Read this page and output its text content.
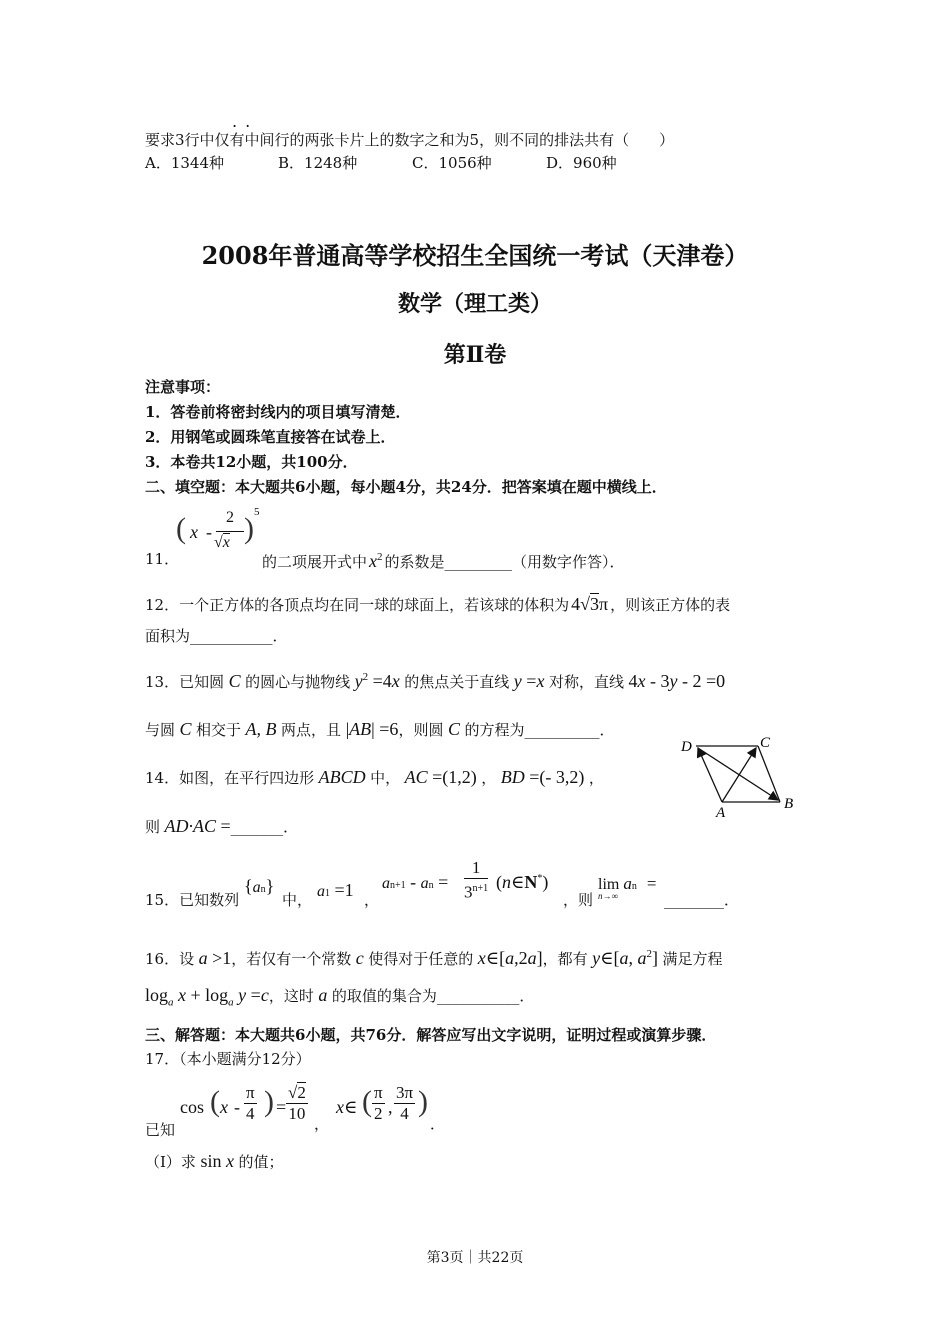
..
要求3行中仅有中间行的两张卡片上的数字之和为5，则不同的排法共有（　　）
A．1344种	B．1248种	C．1056种	D．960种
2008年普通高等学校招生全国统一考试（天津卷）
数学（理工类）
第Ⅱ卷
注意事项：
1．答卷前将密封线内的项目填写清楚．
2．用钢笔或圆珠笔直接答在试卷上．
3．本卷共12小题，共100分．
二、填空题：本大题共6小题，每小题4分，共24分．把答案填在题中横线上．
11．
( x -
2
√x ) 5
的二项展开式中 $x^2$ 的系数是_________（用数字作答）．
12．一个正方体的各顶点均在同一球的球面上，若该球的体积为 4√3π ，则该正方体的表
面积为___________．
13．已知圆 C 的圆心与抛物线 $y^2 =4x$ 的焦点关于直线 y =x 对称，直线 4x - 3y - 2 =0
与圆 C 相交于 A, B 两点，且 |AB| =6，则圆 C 的方程为__________．
14．如图，在平行四边形 ABCD 中， AC =(1,2) ， BD =(- 3,2) ，
则 AD·AC =_______．
D	C
A
B
15．已知数列
{an}
中， a1 =1 ，
an+1 - an = $\frac{1}{3^{n+1}}$ (n∈N*)
，则
lim an =
n→∞	________．
16．设 a >1，若仅有一个常数 c 使得对于任意的 x∈[a,2a]，都有 y∈[a, $a^2$] 满足方程
$\log_a x + \log_a y =c$，这时 a 的取值的集合为___________．
三、解答题：本大题共6小题，共76分．解答应写出文字说明，证明过程或演算步骤．
17．（本小题满分12分）
已知
cos ( x - $\frac{\pi}{4}$ ) = $\frac{√2}{10}$ ，
x∈ ( $\frac{\pi}{2}$ , $\frac{3\pi}{4}$ )
．
（Ⅰ）求 sin x 的值；
第3页｜共22页
